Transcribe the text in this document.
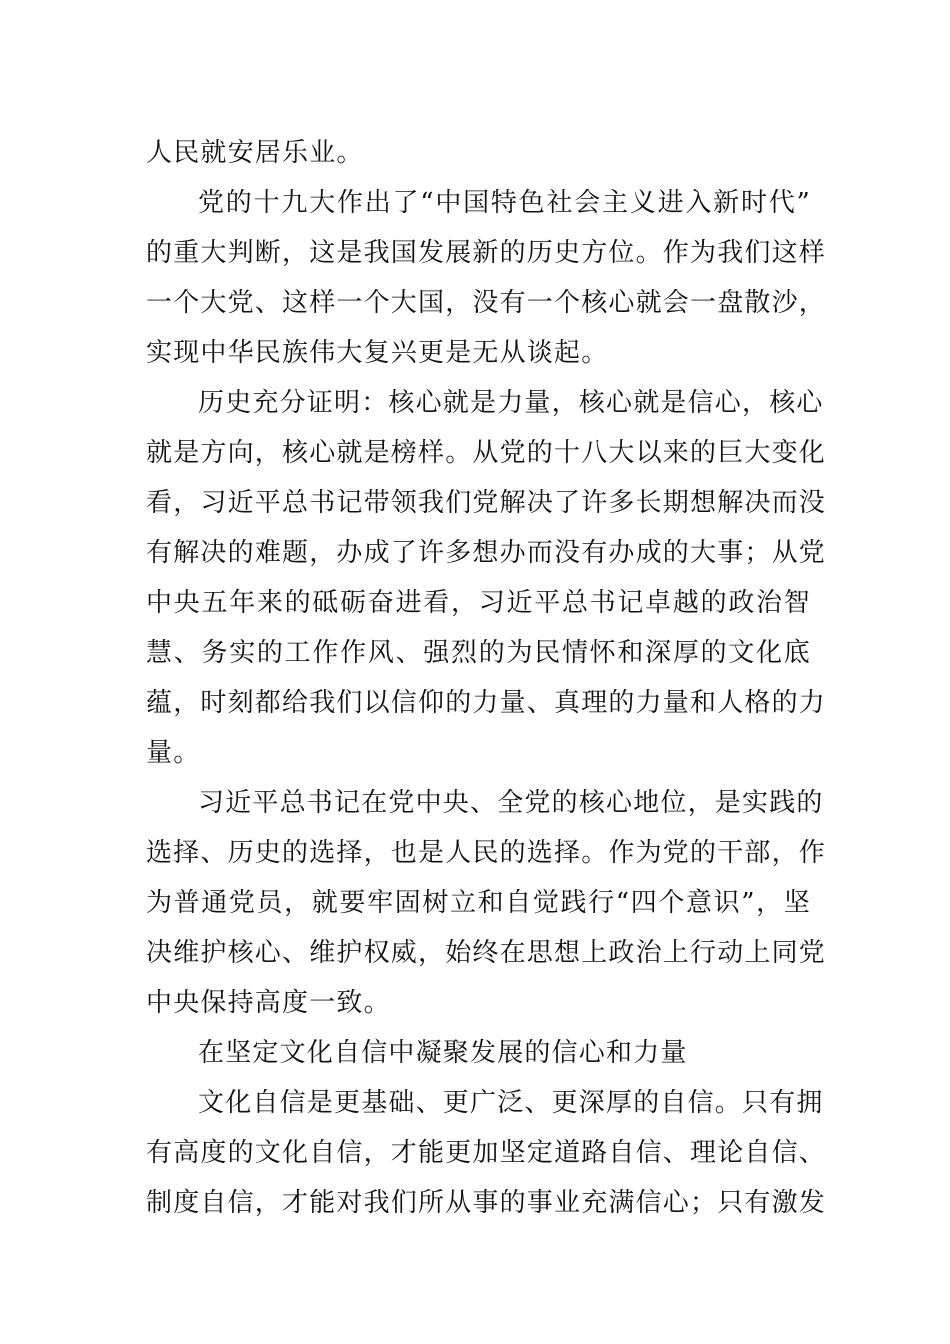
人民就安居乐业。
党的十九大作出了“中国特色社会主义进入新时代”
的重大判断，这是我国发展新的历史方位。作为我们这样
一个大党、这样一个大国，没有一个核心就会一盘散沙，
实现中华民族伟大复兴更是无从谈起。
历史充分证明：核心就是力量，核心就是信心，核心
就是方向，核心就是榜样。从党的十八大以来的巨大变化
看，习近平总书记带领我们党解决了许多长期想解决而没
有解决的难题，办成了许多想办而没有办成的大事；从党
中央五年来的砥砺奋进看，习近平总书记卓越的政治智
慧、务实的工作作风、强烈的为民情怀和深厚的文化底
蕴，时刻都给我们以信仰的力量、真理的力量和人格的力
量。
习近平总书记在党中央、全党的核心地位，是实践的
选择、历史的选择，也是人民的选择。作为党的干部，作
为普通党员，就要牢固树立和自觉践行“四个意识”，坚
决维护核心、维护权威，始终在思想上政治上行动上同党
中央保持高度一致。
在坚定文化自信中凝聚发展的信心和力量
文化自信是更基础、更广泛、更深厚的自信。只有拥
有高度的文化自信，才能更加坚定道路自信、理论自信、
制度自信，才能对我们所从事的事业充满信心；只有激发
